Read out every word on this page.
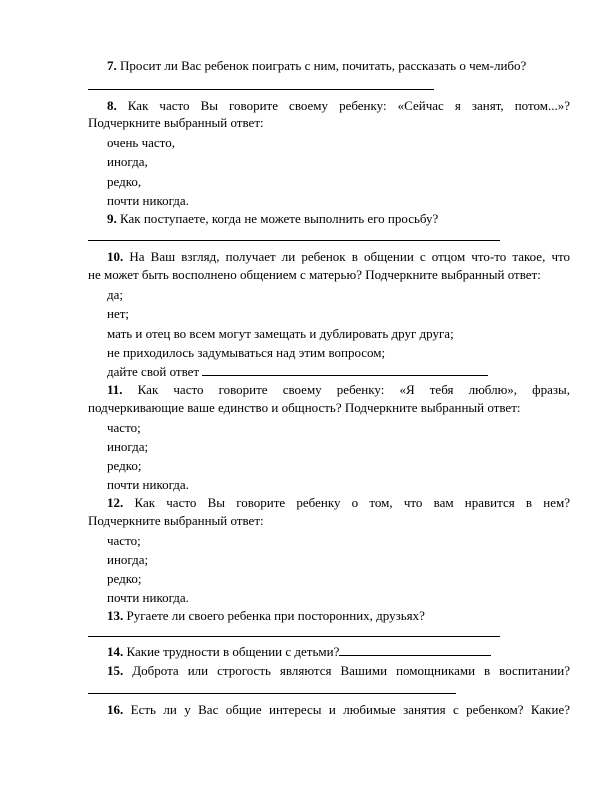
7. Просит ли Вас ребенок поиграть с ним, почитать, рассказать о чем-либо?
8. Как часто Вы говорите своему ребенку: «Сейчас я занят, потом...»?
Подчеркните выбранный ответ:
очень часто,
иногда,
редко,
почти никогда.
9. Как поступаете, когда не можете выполнить его просьбу?
10. На Ваш взгляд, получает ли ребенок в общении с отцом что-то такое, что
не может быть восполнено общением с матерью? Подчеркните выбранный ответ:
да;
нет;
мать и отец во всем могут замещать и дублировать друг друга;
не приходилось задумываться над этим вопросом;
дайте свой ответ
11. Как часто говорите своему ребенку: «Я тебя люблю», фразы,
подчеркивающие ваше единство и общность? Подчеркните выбранный ответ:
часто;
иногда;
редко;
почти никогда.
12. Как часто Вы говорите ребенку о том, что вам нравится в нем?
Подчеркните выбранный ответ:
часто;
иногда;
редко;
почти никогда.
13. Ругаете ли своего ребенка при посторонних, друзьях?
14. Какие трудности в общении с детьми?
15. Доброта или строгость являются Вашими помощниками в воспитании?
16. Есть ли у Вас общие интересы и любимые занятия с ребенком? Какие?
